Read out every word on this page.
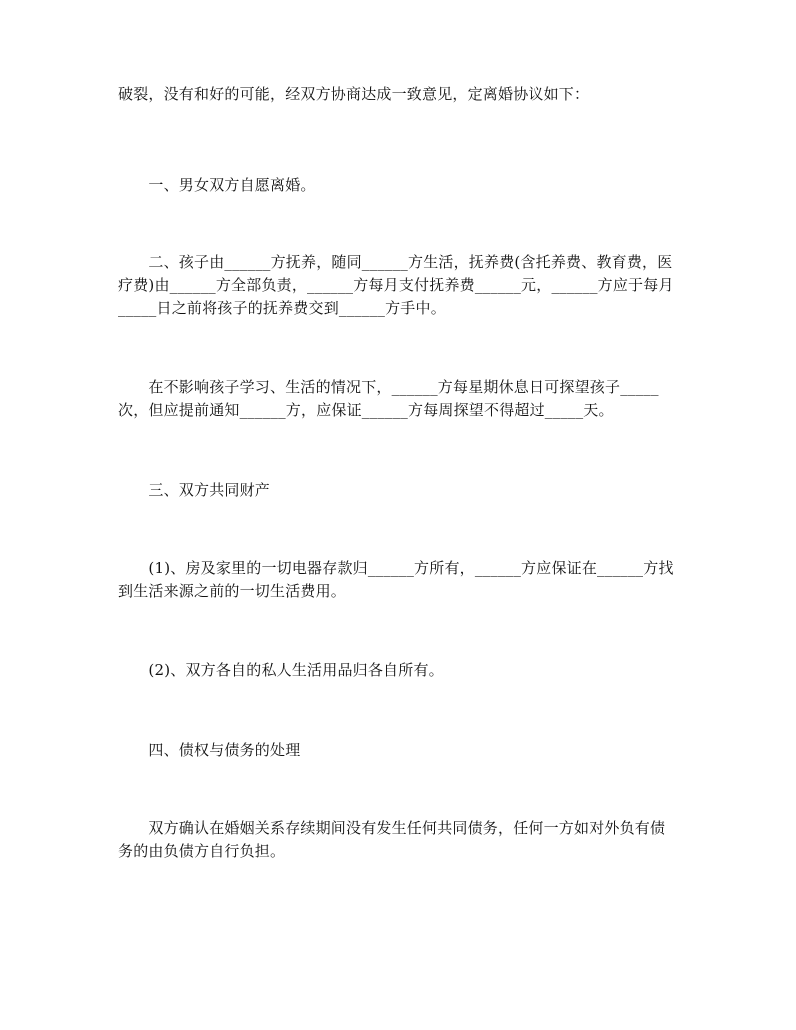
破裂，没有和好的可能，经双方协商达成一致意见，定离婚协议如下：

　　一、男女双方自愿离婚。

　　二、孩子由______方抚养，随同______方生活，抚养费(含托养费、教育费，医疗费)由______方全部负责，______方每月支付抚养费______元，______方应于每月_____日之前将孩子的抚养费交到______方手中。

　　在不影响孩子学习、生活的情况下，______方每星期休息日可探望孩子_____次，但应提前通知______方，应保证______方每周探望不得超过_____天。

　　三、双方共同财产

　　(1)、房及家里的一切电器存款归______方所有，______方应保证在______方找到生活来源之前的一切生活费用。

　　(2)、双方各自的私人生活用品归各自所有。

　　四、债权与债务的处理

　　双方确认在婚姻关系存续期间没有发生任何共同债务，任何一方如对外负有债务的由负债方自行负担。
